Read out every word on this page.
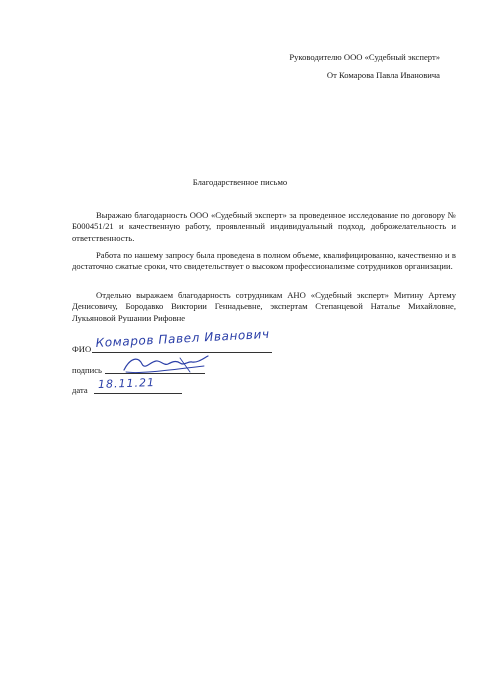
Руководителю ООО «Судебный эксперт»
От Комарова Павла Ивановича
Благодарственное письмо

Выражаю благодарность ООО «Судебный эксперт» за проведенное исследование по договору № Б000451/21 и качественную работу, проявленный индивидуальный подход, доброжелательность и ответственность.

Работа по нашему запросу была проведена в полном объеме, квалифицированно, качественно и в достаточно сжатые сроки, что свидетельствует о высоком профессионализме сотрудников организации.

Отдельно выражаем благодарность сотрудникам АНО «Судебный эксперт» Митину Артему Денисовичу, Бородавко Виктории Геннадьевне, экспертам Степанцевой Наталье Михайловне, Лукьяновой Рушании Рифовне

ФИО Комаров Павел Иванович
подпись
дата 18.11.21
